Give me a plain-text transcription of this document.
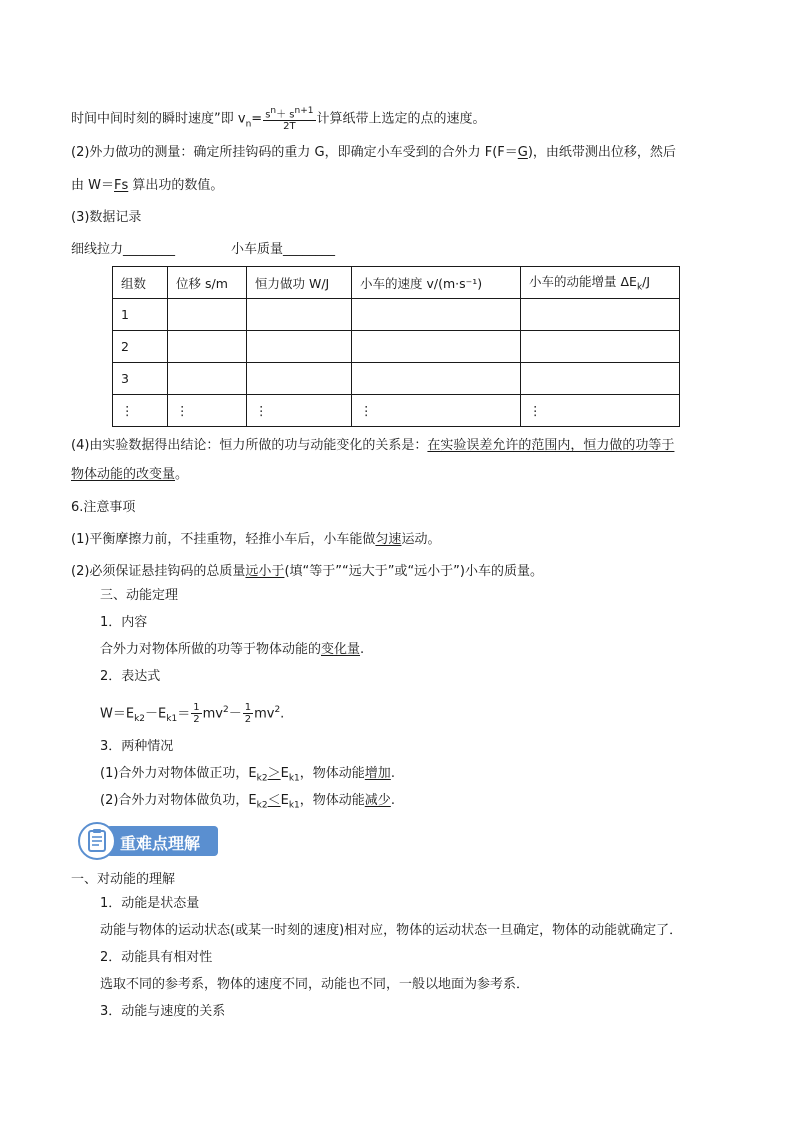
时间中间时刻的瞬时速度”即 $v_n= \frac{s^n+ s^{n+1}}{2T}$ 计算纸带上选定的点的速度。
(2)外力做功的测量：确定所挂钩码的重力 G，即确定小车受到的合外力 F(F＝G)，由纸带测出位移，然后
由 W＝Fs 算出功的数值。
(3)数据记录
细线拉力________	小车质量________
组数	位移 s/m	恒力做功 W/J	小车的速度 v/(m·s⁻¹)	小车的动能增量 $\Delta E_k/J$
1				
2				
3				
⋮	⋮	⋮	⋮	⋮
(4)由实验数据得出结论：恒力所做的功与动能变化的关系是：在实验误差允许的范围内，恒力做的功等于
物体动能的改变量。
6.注意事项
(1)平衡摩擦力前，不挂重物，轻推小车后，小车能做匀速运动。
(2)必须保证悬挂钩码的总质量远小于(填“等于”“远大于”或“远小于”)小车的质量。
三、动能定理
1．内容
合外力对物体所做的功等于物体动能的变化量.
2．表达式
$W=E_{k2}-E_{k1}= \frac{1}{2} mv^2- \frac{1}{2} mv^2$.
3．两种情况
(1)合外力对物体做正功，$E_{k2}>E_{k1}$，物体动能增加.
(2)合外力对物体做负功，$E_{k2}<E_{k1}$，物体动能减少.
重难点理解
一、对动能的理解
1．动能是状态量
动能与物体的运动状态(或某一时刻的速度)相对应，物体的运动状态一旦确定，物体的动能就确定了．
2．动能具有相对性
选取不同的参考系，物体的速度不同，动能也不同，一般以地面为参考系．
3．动能与速度的关系
